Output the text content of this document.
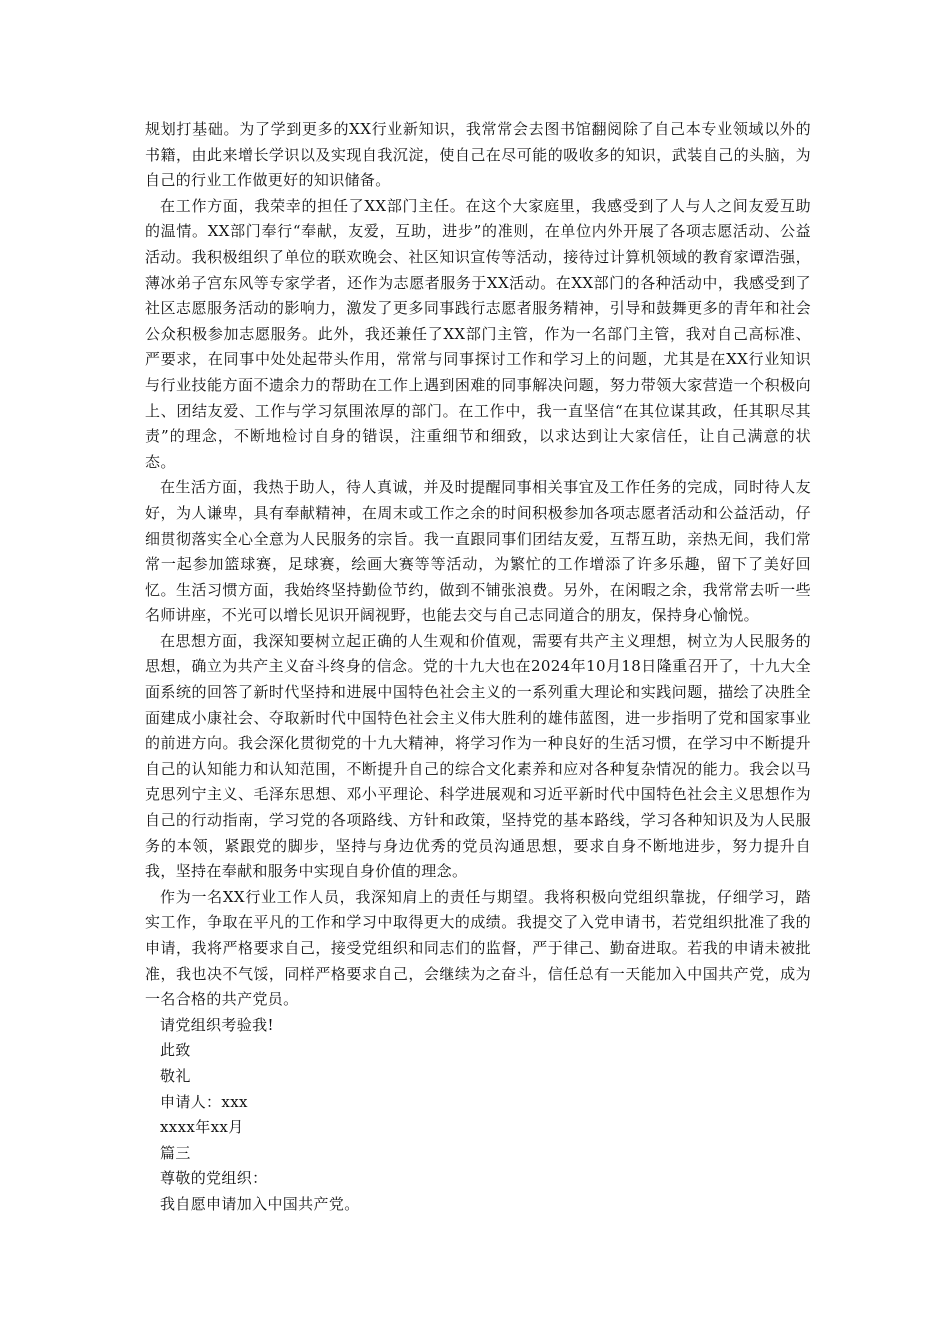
规划打基础。为了学到更多的XX行业新知识，我常常会去图书馆翻阅除了自己本专业领域以外的书籍，由此来增长学识以及实现自我沉淀，使自己在尽可能的吸收多的知识，武装自己的头脑，为自己的行业工作做更好的知识储备。

在工作方面，我荣幸的担任了XX部门主任。在这个大家庭里，我感受到了人与人之间友爱互助的温情。XX部门奉行“奉献，友爱，互助，进步”的准则，在单位内外开展了各项志愿活动、公益活动。我积极组织了单位的联欢晚会、社区知识宣传等活动，接待过计算机领域的教育家谭浩强，薄冰弟子宫东风等专家学者，还作为志愿者服务于XX活动。在XX部门的各种活动中，我感受到了社区志愿服务活动的影响力，激发了更多同事践行志愿者服务精神，引导和鼓舞更多的青年和社会公众积极参加志愿服务。此外，我还兼任了XX部门主管，作为一名部门主管，我对自己高标准、严要求，在同事中处处起带头作用，常常与同事探讨工作和学习上的问题，尤其是在XX行业知识与行业技能方面不遗余力的帮助在工作上遇到困难的同事解决问题，努力带领大家营造一个积极向上、团结友爱、工作与学习氛围浓厚的部门。在工作中，我一直坚信“在其位谋其政，任其职尽其责”的理念，不断地检讨自身的错误，注重细节和细致，以求达到让大家信任，让自己满意的状态。

在生活方面，我热于助人，待人真诚，并及时提醒同事相关事宜及工作任务的完成，同时待人友好，为人谦卑，具有奉献精神，在周末或工作之余的时间积极参加各项志愿者活动和公益活动，仔细贯彻落实全心全意为人民服务的宗旨。我一直跟同事们团结友爱，互帮互助，亲热无间，我们常常一起参加篮球赛，足球赛，绘画大赛等等活动，为繁忙的工作增添了许多乐趣，留下了美好回忆。生活习惯方面，我始终坚持勤俭节约，做到不铺张浪费。另外，在闲暇之余，我常常去听一些名师讲座，不光可以增长见识开阔视野，也能去交与自己志同道合的朋友，保持身心愉悦。

在思想方面，我深知要树立起正确的人生观和价值观，需要有共产主义理想，树立为人民服务的思想，确立为共产主义奋斗终身的信念。党的十九大也在2024年10月18日隆重召开了，十九大全面系统的回答了新时代坚持和进展中国特色社会主义的一系列重大理论和实践问题，描绘了决胜全面建成小康社会、夺取新时代中国特色社会主义伟大胜利的雄伟蓝图，进一步指明了党和国家事业的前进方向。我会深化贯彻党的十九大精神，将学习作为一种良好的生活习惯，在学习中不断提升自己的认知能力和认知范围，不断提升自己的综合文化素养和应对各种复杂情况的能力。我会以马克思列宁主义、毛泽东思想、邓小平理论、科学进展观和习近平新时代中国特色社会主义思想作为自己的行动指南，学习党的各项路线、方针和政策，坚持党的基本路线，学习各种知识及为人民服务的本领，紧跟党的脚步，坚持与身边优秀的党员沟通思想，要求自身不断地进步，努力提升自我，坚持在奉献和服务中实现自身价值的理念。

作为一名XX行业工作人员，我深知肩上的责任与期望。我将积极向党组织靠拢，仔细学习，踏实工作，争取在平凡的工作和学习中取得更大的成绩。我提交了入党申请书，若党组织批准了我的申请，我将严格要求自己，接受党组织和同志们的监督，严于律己、勤奋进取。若我的申请未被批准，我也决不气馁，同样严格要求自己，会继续为之奋斗，信任总有一天能加入中国共产党，成为一名合格的共产党员。

请党组织考验我!

此致

敬礼

申请人：xxx

xxxx年xx月

篇三

尊敬的党组织：

我自愿申请加入中国共产党。
